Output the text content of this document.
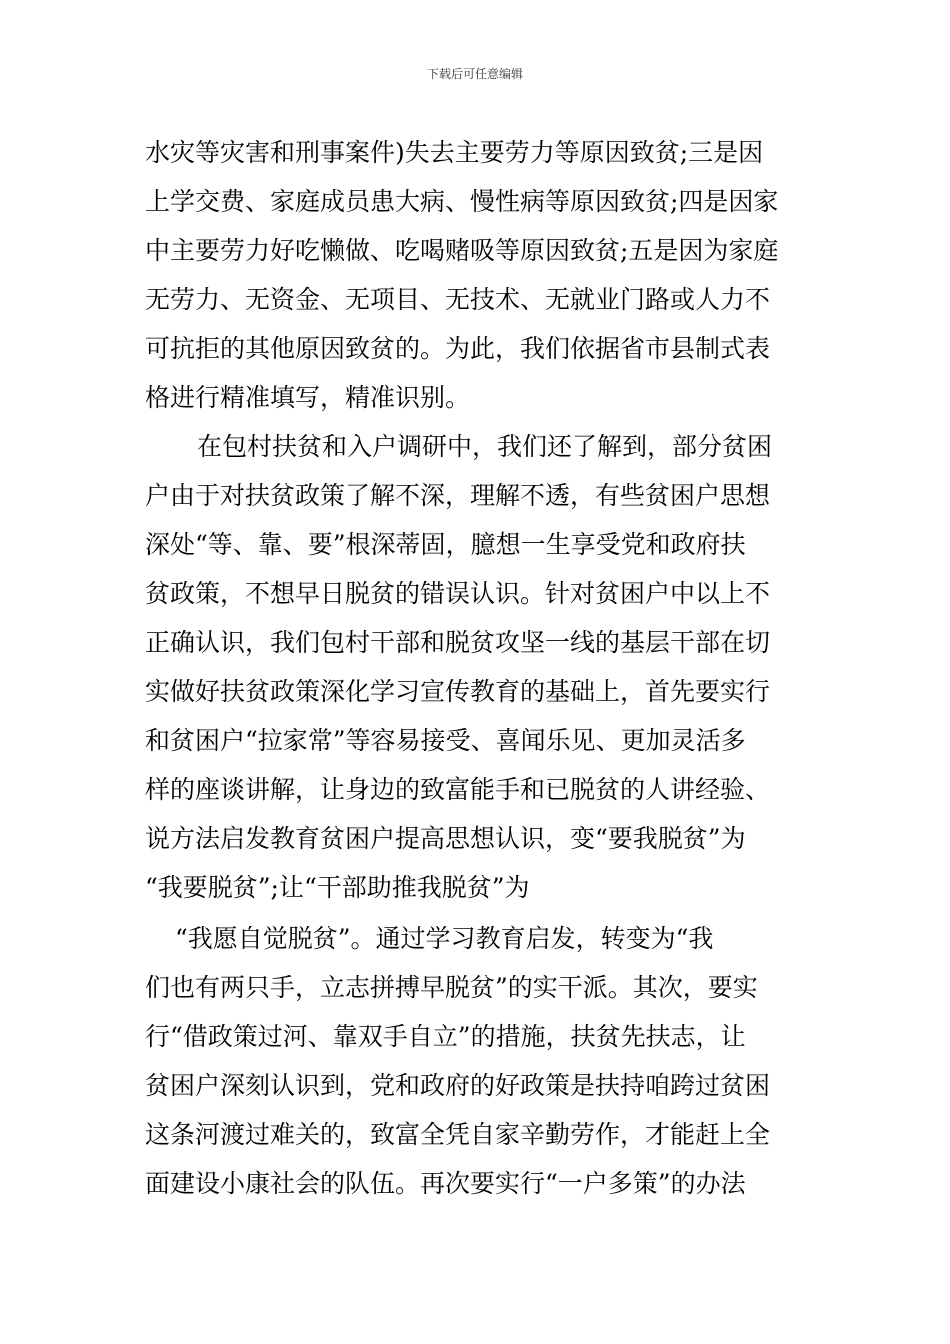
下载后可任意编辑
水灾等灾害和刑事案件)失去主要劳力等原因致贫;三是因
上学交费、家庭成员患大病、慢性病等原因致贫;四是因家
中主要劳力好吃懒做、吃喝赌吸等原因致贫;五是因为家庭
无劳力、无资金、无项目、无技术、无就业门路或人力不
可抗拒的其他原因致贫的。为此，我们依据省市县制式表
格进行精准填写，精准识别。
在包村扶贫和入户调研中，我们还了解到，部分贫困
户由于对扶贫政策了解不深，理解不透，有些贫困户思想
深处“等、靠、要”根深蒂固，臆想一生享受党和政府扶
贫政策，不想早日脱贫的错误认识。针对贫困户中以上不
正确认识，我们包村干部和脱贫攻坚一线的基层干部在切
实做好扶贫政策深化学习宣传教育的基础上，首先要实行
和贫困户“拉家常”等容易接受、喜闻乐见、更加灵活多
样的座谈讲解，让身边的致富能手和已脱贫的人讲经验、
说方法启发教育贫困户提高思想认识，变“要我脱贫”为
“我要脱贫”;让“干部助推我脱贫”为
“我愿自觉脱贫”。通过学习教育启发，转变为“我
们也有两只手，立志拼搏早脱贫”的实干派。其次，要实
行“借政策过河、靠双手自立”的措施，扶贫先扶志，让
贫困户深刻认识到，党和政府的好政策是扶持咱跨过贫困
这条河渡过难关的，致富全凭自家辛勤劳作，才能赶上全
面建设小康社会的队伍。再次要实行“一户多策”的办法
